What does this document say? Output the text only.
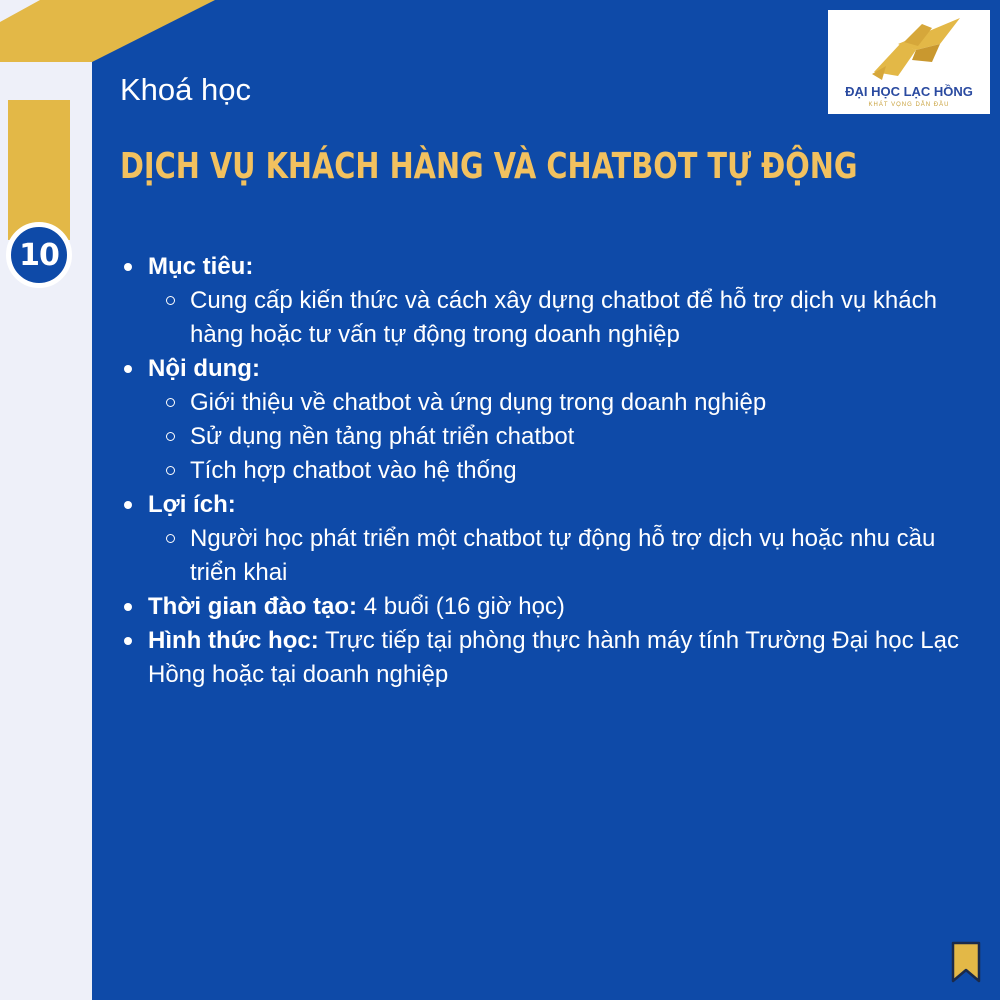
10
Khoá học
DỊCH VỤ KHÁCH HÀNG VÀ CHATBOT TỰ ĐỘNG
ĐẠI HỌC LẠC HỒNG
KHÁT VỌNG DẪN ĐẦU
Mục tiêu:
Cung cấp kiến thức và cách xây dựng chatbot để hỗ trợ dịch vụ khách hàng hoặc tư vấn tự động trong doanh nghiệp
Nội dung:
Giới thiệu về chatbot và ứng dụng trong doanh nghiệp
Sử dụng nền tảng phát triển chatbot
Tích hợp chatbot vào hệ thống
Lợi ích:
Người học phát triển một chatbot tự động hỗ trợ dịch vụ hoặc nhu cầu triển khai
Thời gian đào tạo: 4 buổi (16 giờ học)
Hình thức học: Trực tiếp tại phòng thực hành máy tính Trường Đại học Lạc Hồng hoặc tại doanh nghiệp
